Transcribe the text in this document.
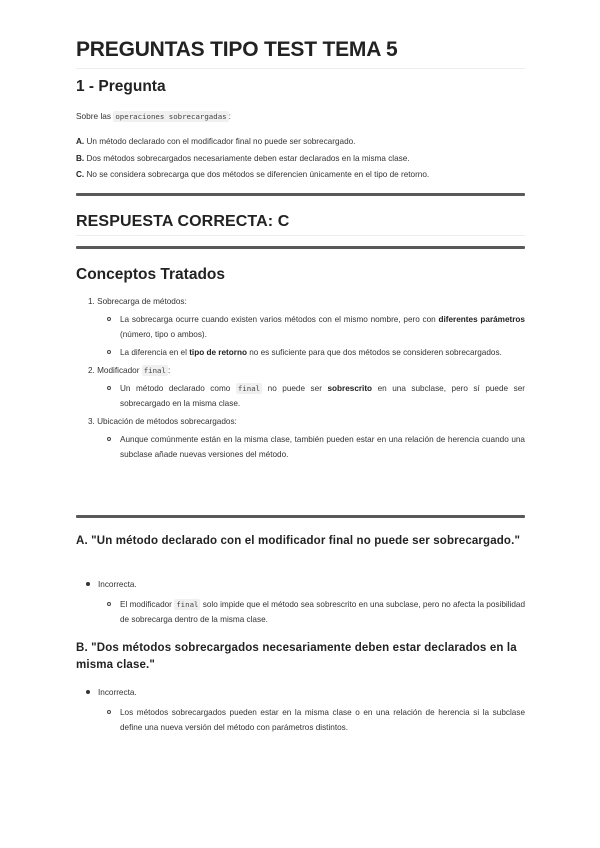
PREGUNTAS TIPO TEST TEMA 5
1 - Pregunta

Sobre las operaciones sobrecargadas :

A. Un método declarado con el modificador final no puede ser sobrecargado.
B. Dos métodos sobrecargados necesariamente deben estar declarados en la misma clase.
C. No se considera sobrecarga que dos métodos se diferencien únicamente en el tipo de retorno.
RESPUESTA CORRECTA: C
Conceptos Tratados
1. Sobrecarga de métodos:
La sobrecarga ocurre cuando existen varios métodos con el mismo nombre, pero con diferentes parámetros (número, tipo o ambos).
La diferencia en el tipo de retorno no es suficiente para que dos métodos se consideren sobrecargados.
2. Modificador final :
Un método declarado como final no puede ser sobrescrito en una subclase, pero sí puede ser sobrecargado en la misma clase.
3. Ubicación de métodos sobrecargados:
Aunque comúnmente están en la misma clase, también pueden estar en una relación de herencia cuando una subclase añade nuevas versiones del método.
A. "Un método declarado con el modificador final no puede ser sobrecargado."
Incorrecta.
El modificador final solo impide que el método sea sobrescrito en una subclase, pero no afecta la posibilidad de sobrecarga dentro de la misma clase.
B. "Dos métodos sobrecargados necesariamente deben estar declarados en la misma clase."
Incorrecta.
Los métodos sobrecargados pueden estar en la misma clase o en una relación de herencia si la subclase define una nueva versión del método con parámetros distintos.
